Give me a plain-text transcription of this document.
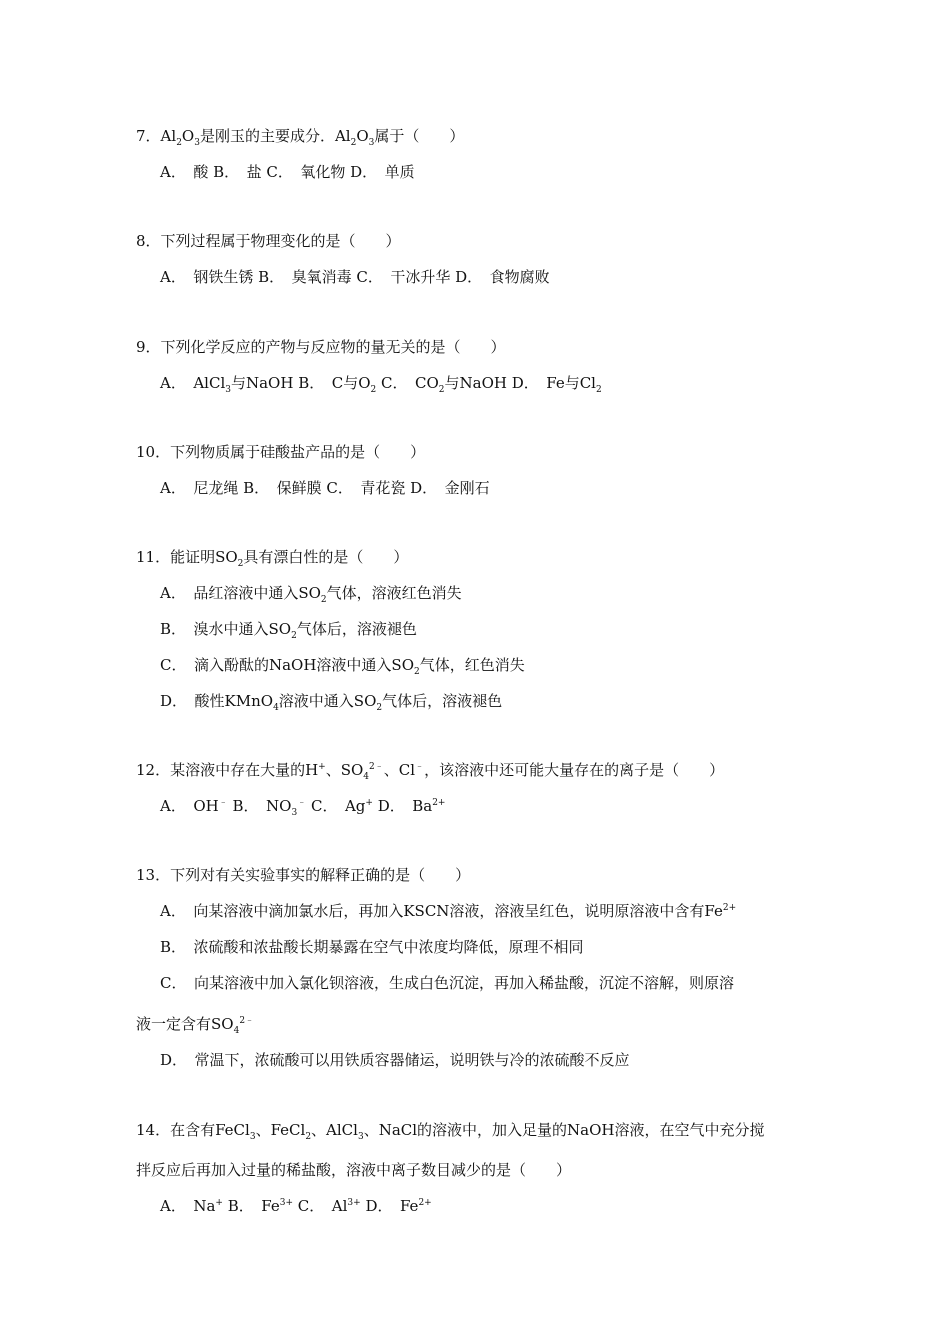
7．$Al_2O_3$是刚玉的主要成分．$Al_2O_3$属于（　　）
A．　酸 B．　盐 C．　氧化物 D．　单质
8．下列过程属于物理变化的是（　　）
A．　钢铁生锈 B．　臭氧消毒 C．　干冰升华 D．　食物腐败
9．下列化学反应的产物与反应物的量无关的是（　　）
A．　AlCl$_3$与NaOH B．　C与$O_2$ C．　$CO_2$与NaOH D．　Fe与$Cl_2$
10．下列物质属于硅酸盐产品的是（　　）
A．　尼龙绳 B．　保鲜膜 C．　青花瓷 D．　金刚石
11．能证明$SO_2$具有漂白性的是（　　）
A．　品红溶液中通入$SO_2$气体，溶液红色消失
B．　溴水中通入$SO_2$气体后，溶液褪色
C．　滴入酚酞的NaOH溶液中通入$SO_2$气体，红色消失
D．　酸性KMnO$_4$溶液中通入$SO_2$气体后，溶液褪色
12．某溶液中存在大量的H+、$SO_4^{2﹣}$、Cl﹣，该溶液中还可能大量存在的离子是（　　）
A．　OH﹣ B．　$NO_3^﹣$ C．　Ag+ D．　$Ba^{2+}$
13．下列对有关实验事实的解释正确的是（　　）
A．　向某溶液中滴加氯水后，再加入KSCN溶液，溶液呈红色，说明原溶液中含有$Fe^{2+}$
B．　浓硫酸和浓盐酸长期暴露在空气中浓度均降低，原理不相同
C．　向某溶液中加入氯化钡溶液，生成白色沉淀，再加入稀盐酸，沉淀不溶解，则原溶
液一定含有$SO_4^{2﹣}$
D．　常温下，浓硫酸可以用铁质容器储运，说明铁与冷的浓硫酸不反应
14．在含有FeCl$_3$、FeCl$_2$、AlCl$_3$、NaCl的溶液中，加入足量的NaOH溶液，在空气中充分搅
拌反应后再加入过量的稀盐酸，溶液中离子数目减少的是（　　）
A．　Na+ B．　$Fe^{3+}$ C．　$Al^{3+}$ D．　$Fe^{2+}$
